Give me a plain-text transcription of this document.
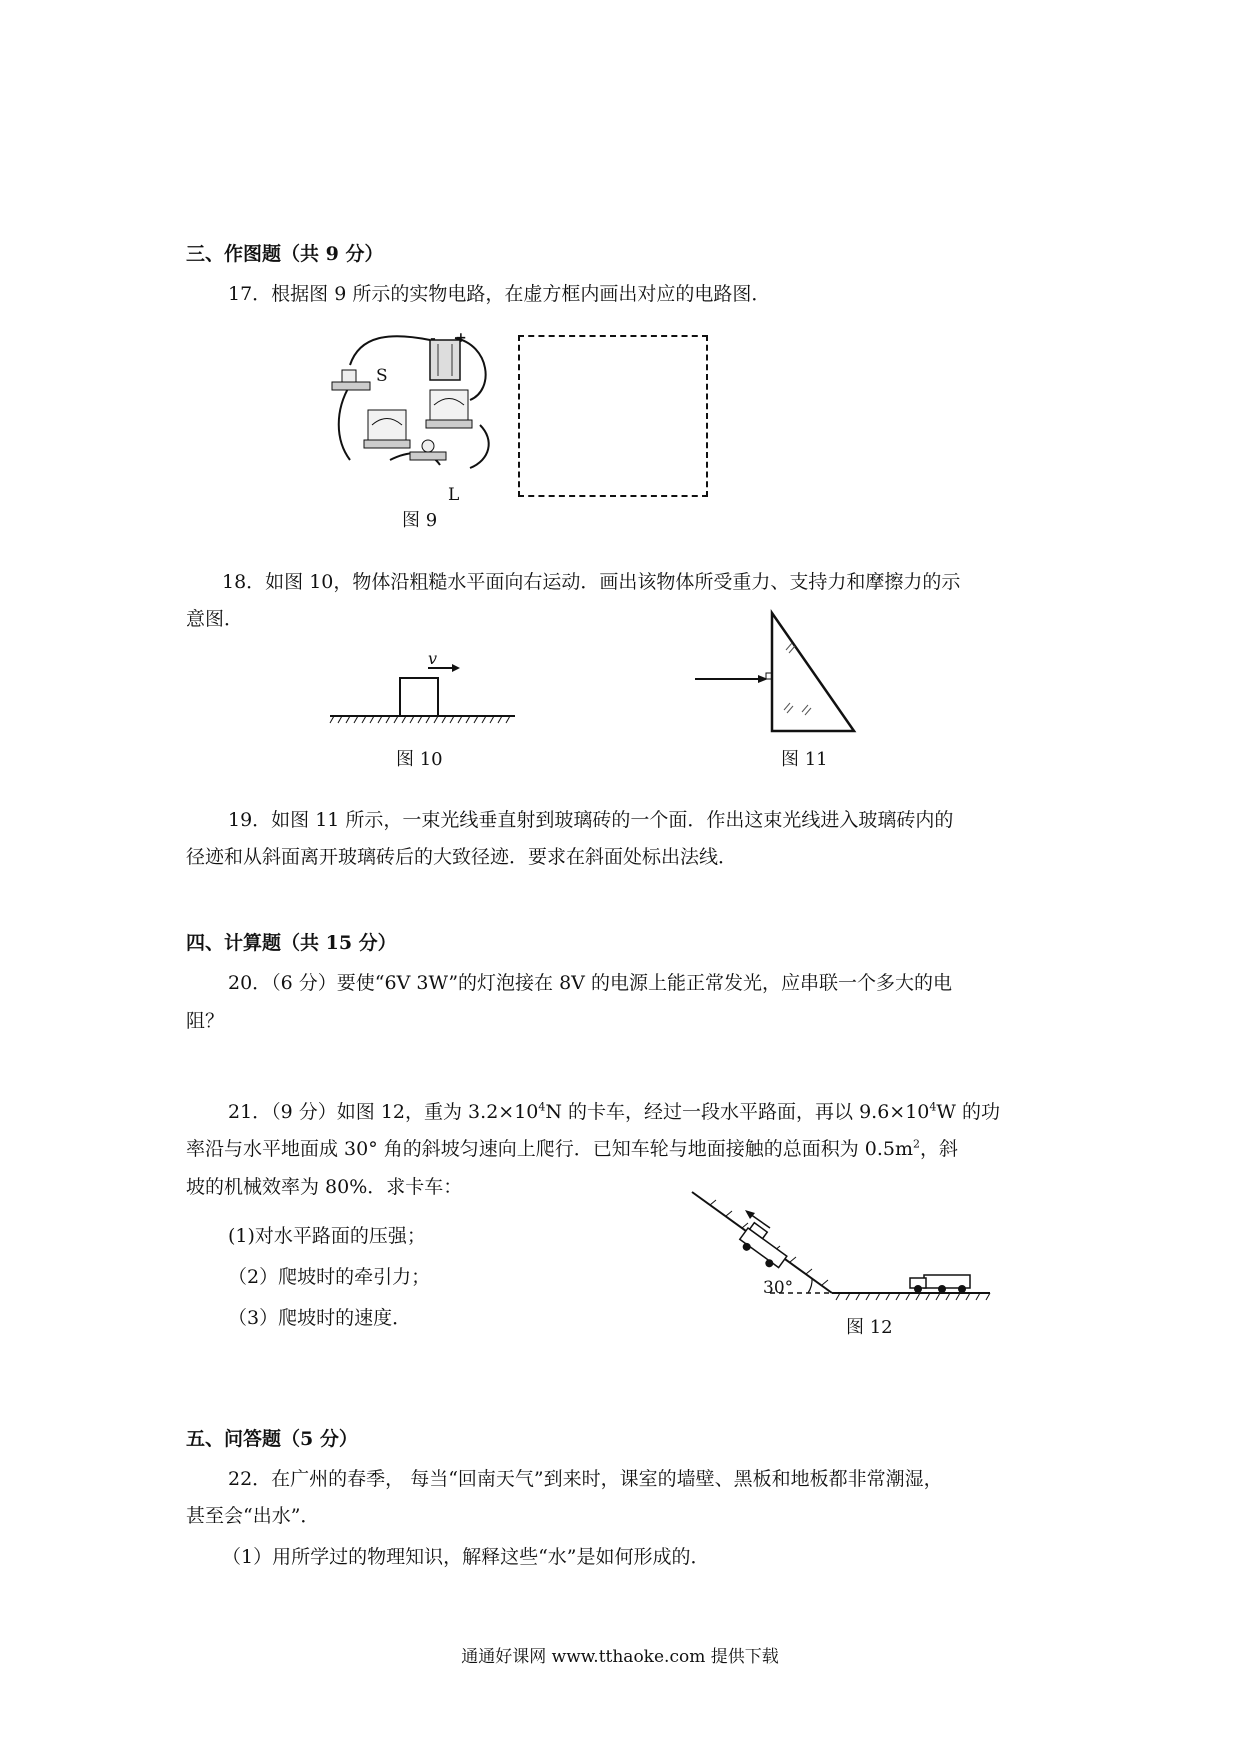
三、作图题（共 9 分）
17．根据图 9 所示的实物电路，在虚方框内画出对应的电路图．
S
L
- +
图 9
18．如图 10，物体沿粗糙水平面向右运动．画出该物体所受重力、支持力和摩擦力的示
意图．
v
图 10	图 11
19．如图 11 所示，一束光线垂直射到玻璃砖的一个面．作出这束光线进入玻璃砖内的
径迹和从斜面离开玻璃砖后的大致径迹．要求在斜面处标出法线．
四、计算题（共 15 分）
20．（6 分）要使“6V 3W”的灯泡接在 8V 的电源上能正常发光，应串联一个多大的电
阻？
21．（9 分）如图 12，重为 $3.2\times 10^4N$ 的卡车，经过一段水平路面，再以 $9.6\times 10^4W$ 的功
率沿与水平地面成 30° 角的斜坡匀速向上爬行．已知车轮与地面接触的总面积为 $0.5m^2$，斜
坡的机械效率为 80%．求卡车：
(1)对水平路面的压强；
（2）爬坡时的牵引力；
（3）爬坡时的速度．
30°
图 12
五、问答题（5 分）
22．在广州的春季， 每当“回南天气”到来时，课室的墙壁、黑板和地板都非常潮湿，
甚至会“出水”．
（1）用所学过的物理知识，解释这些“水”是如何形成的．
通通好课网 www.tthaoke.com 提供下载
